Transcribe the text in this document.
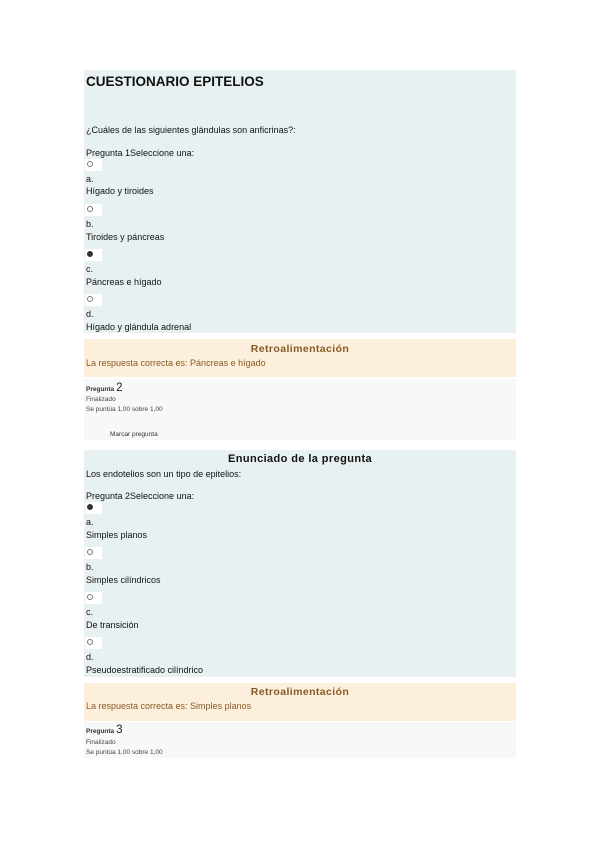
CUESTIONARIO EPITELIOS
¿Cuáles de las siguientes glándulas son anficrinas?:
Pregunta 1Seleccione una:
a.
Hígado y tiroides
b.
Tiroides y páncreas
c.
Páncreas e hígado
d.
Hígado y glándula adrenal
Retroalimentación
La respuesta correcta es: Páncreas e hígado
Pregunta 2
Finalizado
Se puntúa 1,00 sobre 1,00
Marcar pregunta
Enunciado de la pregunta
Los endotelios son un tipo de epitelios:
Pregunta 2Seleccione una:
a.
Simples planos
b.
Simples cilíndricos
c.
De transición
d.
Pseudoestratificado cilíndrico
Retroalimentación
La respuesta correcta es: Simples planos
Pregunta 3
Finalizado
Se puntúa 1,00 sobre 1,00
